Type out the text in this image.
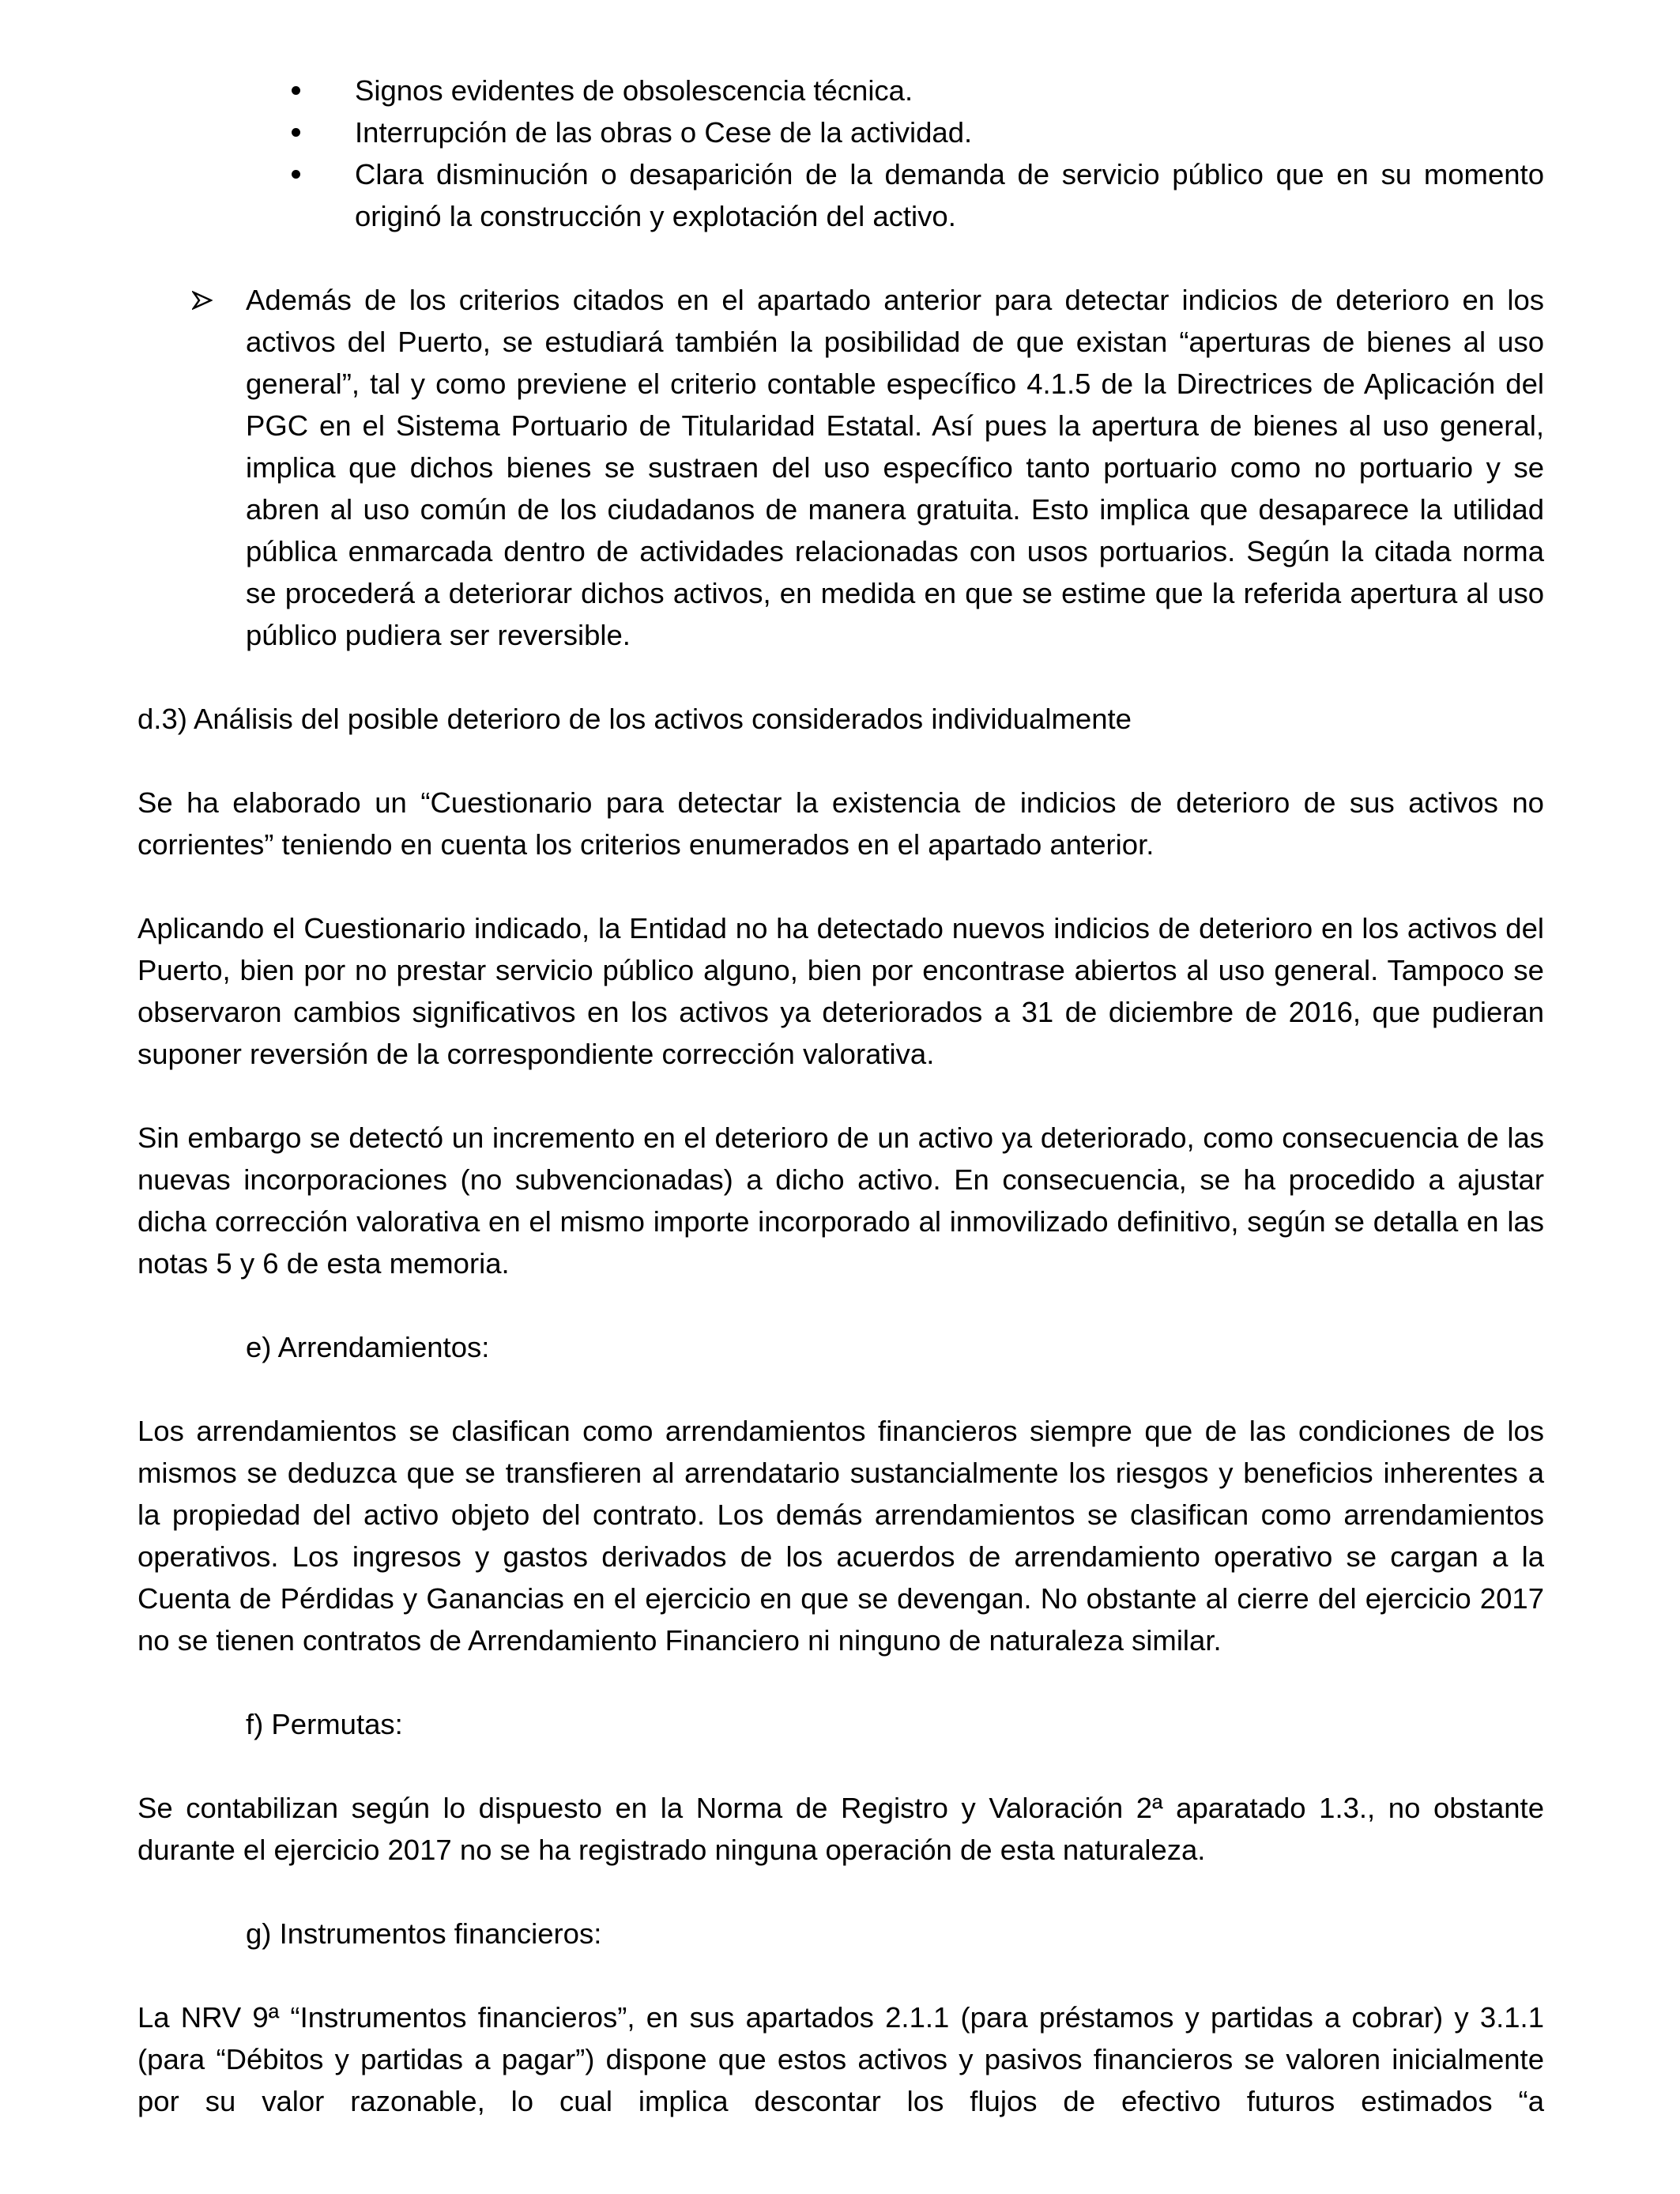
Signos evidentes de obsolescencia técnica.
Interrupción de las obras o Cese de la actividad.
Clara disminución o desaparición de la demanda de servicio público que en su momento originó la construcción y explotación del activo.
Además de los criterios citados en el apartado anterior para detectar indicios de deterioro en los activos del Puerto, se estudiará también la posibilidad de que existan “aperturas de bienes al uso general”, tal y como previene el criterio contable específico 4.1.5 de la Directrices de Aplicación del PGC en el Sistema Portuario de Titularidad Estatal. Así pues la apertura de bienes al uso general, implica que dichos bienes se sustraen del uso específico tanto portuario como no portuario y se abren al uso común de los ciudadanos de manera gratuita. Esto implica que desaparece la utilidad pública enmarcada dentro de actividades relacionadas con usos portuarios. Según la citada norma se procederá a deteriorar dichos activos, en medida en que se estime que la referida apertura al uso público pudiera ser reversible.

d.3) Análisis del posible deterioro de los activos considerados individualmente

Se ha elaborado un “Cuestionario para detectar la existencia de indicios de deterioro de sus activos no corrientes” teniendo en cuenta los criterios enumerados en el apartado anterior.

Aplicando el Cuestionario indicado, la Entidad no ha detectado nuevos indicios de deterioro en los activos del Puerto, bien por no prestar servicio público alguno, bien por encontrase abiertos al uso general. Tampoco se observaron cambios significativos en los activos ya deteriorados a 31 de diciembre de 2016, que pudieran suponer reversión de la correspondiente corrección valorativa.

Sin embargo se detectó un incremento en el deterioro de un activo ya deteriorado, como consecuencia de las nuevas incorporaciones (no subvencionadas) a dicho activo. En consecuencia, se ha procedido a ajustar dicha corrección valorativa en el mismo importe incorporado al inmovilizado definitivo, según se detalla en las notas 5 y 6 de esta memoria.

e) Arrendamientos:

Los arrendamientos se clasifican como arrendamientos financieros siempre que de las condiciones de los mismos se deduzca que se transfieren al arrendatario sustancialmente los riesgos y beneficios inherentes a la propiedad del activo objeto del contrato. Los demás arrendamientos se clasifican como arrendamientos operativos. Los ingresos y gastos derivados de los acuerdos de arrendamiento operativo se cargan a la Cuenta de Pérdidas y Ganancias en el ejercicio en que se devengan. No obstante al cierre del ejercicio 2017 no se tienen contratos de Arrendamiento Financiero ni ninguno de naturaleza similar.

f) Permutas:

Se contabilizan según lo dispuesto en la Norma de Registro y Valoración 2ª aparatado 1.3., no obstante durante el ejercicio 2017 no se ha registrado ninguna operación de esta naturaleza.

g) Instrumentos financieros:

La NRV 9ª “Instrumentos financieros”, en sus apartados 2.1.1 (para préstamos y partidas a cobrar) y 3.1.1 (para “Débitos y partidas a pagar”) dispone que estos activos y pasivos financieros se valoren inicialmente por su valor razonable, lo cual implica descontar los flujos de efectivo futuros estimados “a
